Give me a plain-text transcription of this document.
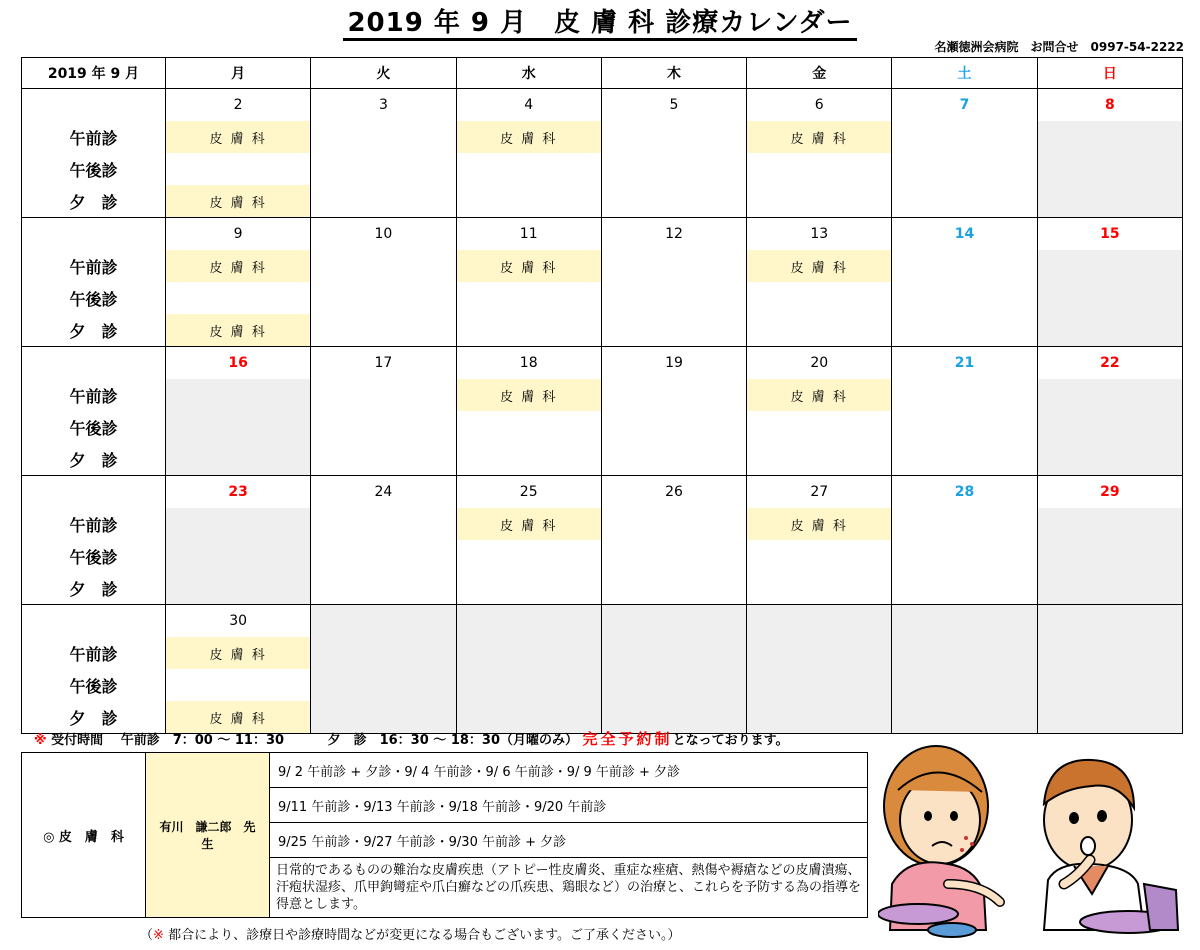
2019 年 9 月　皮 膚 科 診療カレンダー
名瀬徳洲会病院　お問合せ　0997-54-2222
2019 年 9 月	月	火	水	木	金	土	日
	2	3	4	5	6	7	8
午前診	皮 膚 科		皮 膚 科		皮 膚 科		
午後診							
夕　診	皮 膚 科						
	9	10	11	12	13	14	15
午前診	皮 膚 科		皮 膚 科		皮 膚 科		
午後診							
夕　診	皮 膚 科						
	16	17	18	19	20	21	22
午前診			皮 膚 科		皮 膚 科		
午後診							
夕　診							
	23	24	25	26	27	28	29
午前診			皮 膚 科		皮 膚 科		
午後診							
夕　診							
	30						
午前診	皮 膚 科						
午後診							
夕　診	皮 膚 科						
※ 受付時間　 午前診　7：00 〜 11：30　　　 夕　診　16：30 〜 18：30（月曜のみ） 完全予約制となっております。
◎ 皮　膚　科	有川　謙二郎　先生	9/ 2 午前診 + 夕診・9/ 4 午前診・9/ 6 午前診・9/ 9 午前診 + 夕診
9/11 午前診・9/13 午前診・9/18 午前診・9/20 午前診
9/25 午前診・9/27 午前診・9/30 午前診 + 夕診
日常的であるものの難治な皮膚疾患（アトピー性皮膚炎、重症な痤瘡、熱傷や褥瘡などの皮膚潰瘍、汗疱状湿疹、爪甲鉤彎症や爪白癬などの爪疾患、鶏眼など）の治療と、これらを予防する為の指導を得意とします。
（※ 都合により、診療日や診療時間などが変更になる場合もございます。ご了承ください。）
